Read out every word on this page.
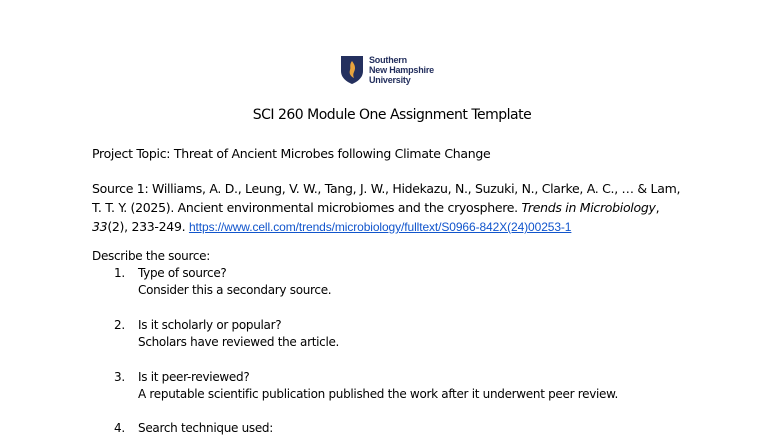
Southern
New Hampshire
University
SCI 260 Module One Assignment Template
Project Topic: Threat of Ancient Microbes following Climate Change
Source 1: Williams, A. D., Leung, V. W., Tang, J. W., Hidekazu, N., Suzuki, N., Clarke, A. C., … & Lam, T. T. Y. (2025). Ancient environmental microbiomes and the cryosphere. Trends in Microbiology, 33(2), 233-249. https://www.cell.com/trends/microbiology/fulltext/S0966-842X(24)00253-1
Describe the source:
1.	Type of source?
Consider this a secondary source.
2.	Is it scholarly or popular?
Scholars have reviewed the article.
3.	Is it peer-reviewed?
A reputable scientific publication published the work after it underwent peer review.
4.	Search technique used:
